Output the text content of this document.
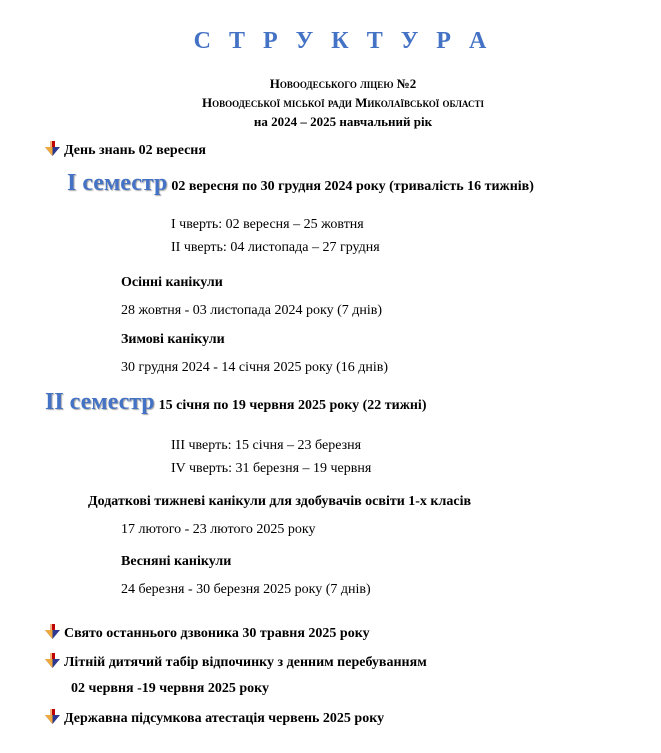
С Т Р У К Т У Р А
Новоодеського ліцею №2
Новоодеської міської ради Миколаївської області
на 2024 – 2025 навчальний рік
День знань 02 вересня
І семестр 02 вересня по 30 грудня 2024 року (тривалість 16 тижнів)
І чверть: 02 вересня – 25 жовтня
ІІ чверть: 04 листопада – 27 грудня
Осінні канікули
28 жовтня - 03 листопада 2024 року (7 днів)
Зимові канікули
30 грудня 2024 - 14 січня 2025 року (16 днів)
ІІ семестр 15 січня по 19 червня 2025 року (22 тижні)
ІІІ чверть: 15 січня – 23 березня
ІV чверть: 31 березня – 19 червня
Додаткові тижневі канікули для здобувачів освіти 1-х класів
17 лютого - 23 лютого 2025 року
Весняні канікули
24 березня - 30 березня 2025 року (7 днів)
Свято останнього дзвоника 30 травня 2025 року
Літній дитячий табір відпочинку з денним перебуванням
02 червня -19 червня 2025 року
Державна підсумкова атестація червень 2025 року
